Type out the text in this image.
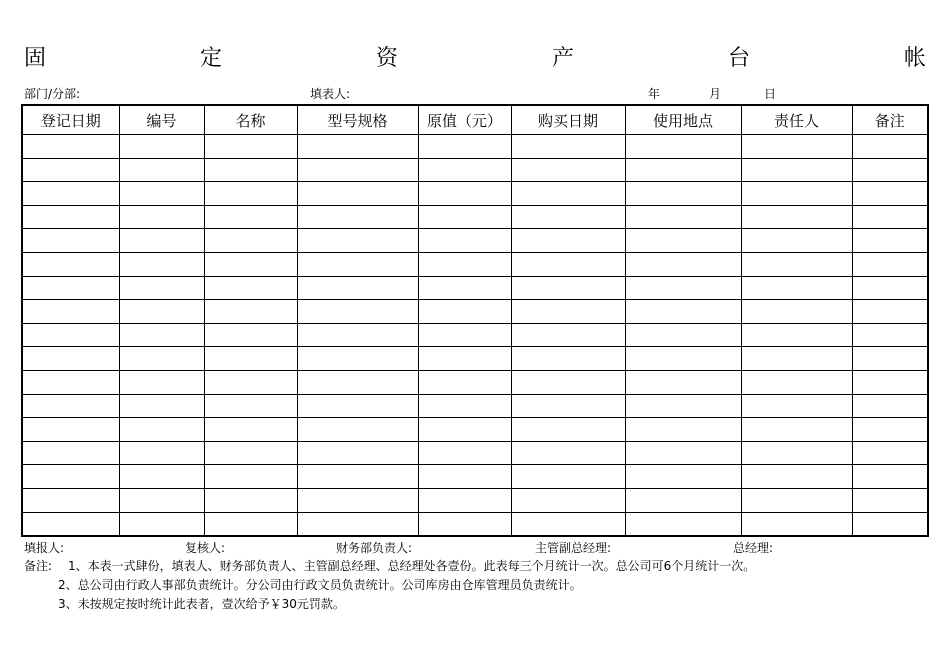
固	定	资	产	台	帐
部门/分部:	填表人:	年	月	日
登记日期	编号	名称	型号规格	原值（元）	购买日期	使用地点	责任人	备注

填报人:	复核人:	财务部负责人:	主管副总经理:	总经理:
备注: 1、本表一式肆份，填表人、财务部负责人、主管副总经理、总经理处各壹份。此表每三个月统计一次。总公司可6个月统计一次。
2、总公司由行政人事部负责统计。分公司由行政文员负责统计。公司库房由仓库管理员负责统计。
3、未按规定按时统计此表者，壹次给予￥30元罚款。
